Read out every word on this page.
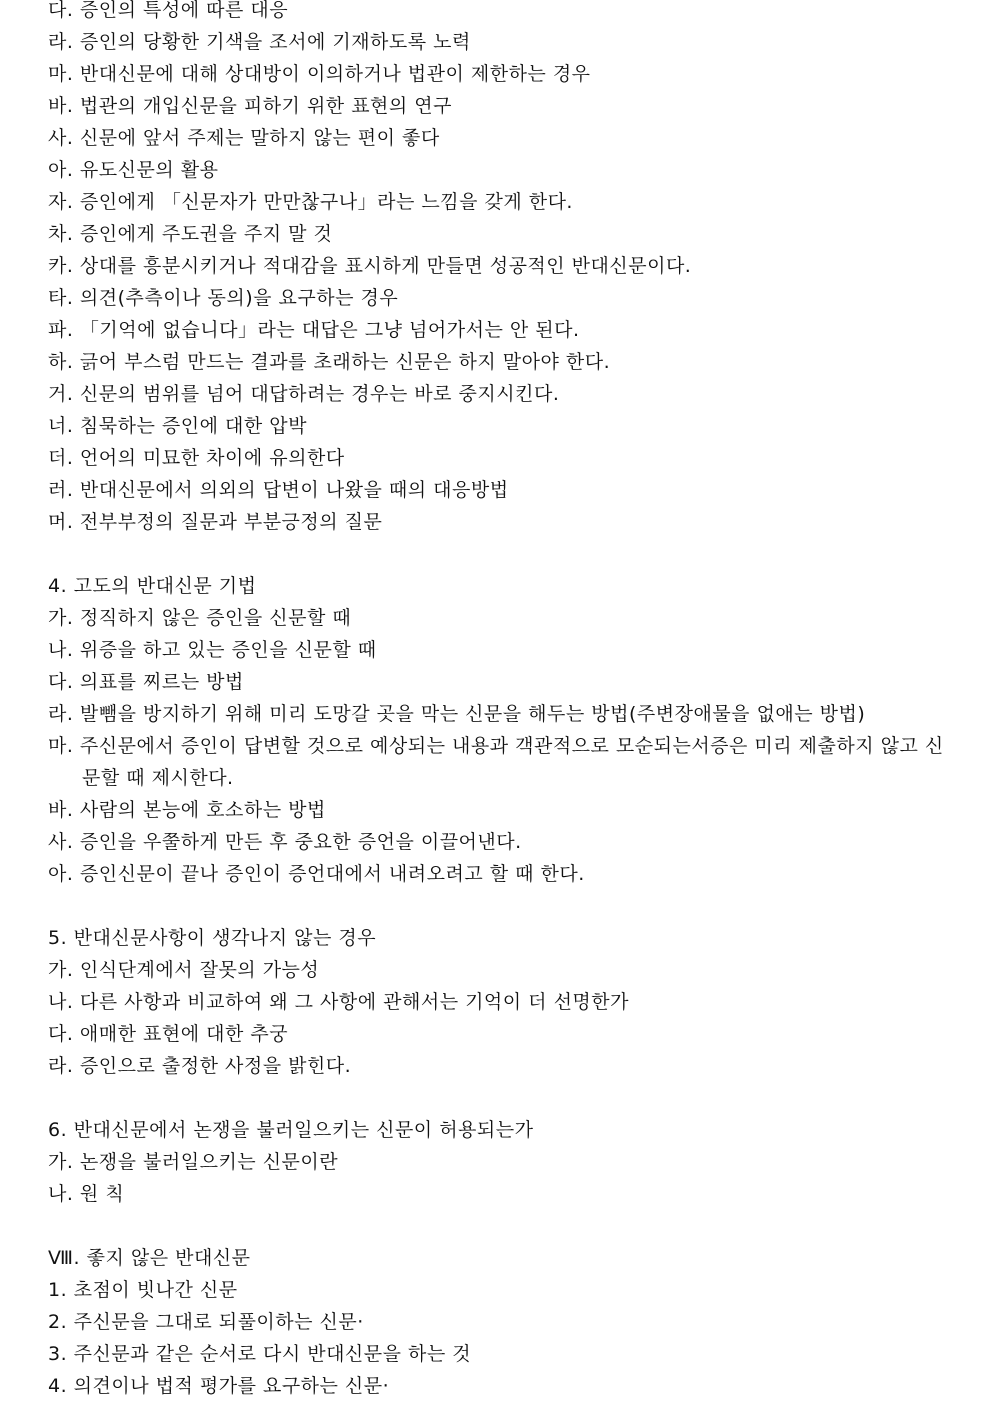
다. 증인의 특성에 따른 대응
라. 증인의 당황한 기색을 조서에 기재하도록 노력
마. 반대신문에 대해 상대방이 이의하거나 법관이 제한하는 경우
바. 법관의 개입신문을 피하기 위한 표현의 연구
사. 신문에 앞서 주제는 말하지 않는 편이 좋다
아. 유도신문의 활용
자. 증인에게 「신문자가 만만찮구나」라는 느낌을 갖게 한다.
차. 증인에게 주도권을 주지 말 것
카. 상대를 흥분시키거나 적대감을 표시하게 만들면 성공적인 반대신문이다.
타. 의견(추측이나 동의)을 요구하는 경우
파. 「기억에 없습니다」라는 대답은 그냥 넘어가서는 안 된다.
하. 긁어 부스럼 만드는 결과를 초래하는 신문은 하지 말아야 한다.
거. 신문의 범위를 넘어 대답하려는 경우는 바로 중지시킨다.
너. 침묵하는 증인에 대한 압박
더. 언어의 미묘한 차이에 유의한다
러. 반대신문에서 의외의 답변이 나왔을 때의 대응방법
머. 전부부정의 질문과 부분긍정의 질문
4. 고도의 반대신문 기법
가. 정직하지 않은 증인을 신문할 때
나. 위증을 하고 있는 증인을 신문할 때
다. 의표를 찌르는 방법
라. 발뺌을 방지하기 위해 미리 도망갈 곳을 막는 신문을 해두는 방법(주변장애물을 없애는 방법)
마. 주신문에서 증인이 답변할 것으로 예상되는 내용과 객관적으로 모순되는서증은 미리 제출하지 않고 신문할 때 제시한다.
바. 사람의 본능에 호소하는 방법
사. 증인을 우쭐하게 만든 후 중요한 증언을 이끌어낸다.
아. 증인신문이 끝나 증인이 증언대에서 내려오려고 할 때 한다.
5. 반대신문사항이 생각나지 않는 경우
가. 인식단계에서 잘못의 가능성
나. 다른 사항과 비교하여 왜 그 사항에 관해서는 기억이 더 선명한가
다. 애매한 표현에 대한 추궁
라. 증인으로 출정한 사정을 밝힌다.
6. 반대신문에서 논쟁을 불러일으키는 신문이 허용되는가
가. 논쟁을 불러일으키는 신문이란
나. 원 칙
Ⅷ. 좋지 않은 반대신문
1. 초점이 빗나간 신문
2. 주신문을 그대로 되풀이하는 신문·
3. 주신문과 같은 순서로 다시 반대신문을 하는 것
4. 의견이나 법적 평가를 요구하는 신문·
